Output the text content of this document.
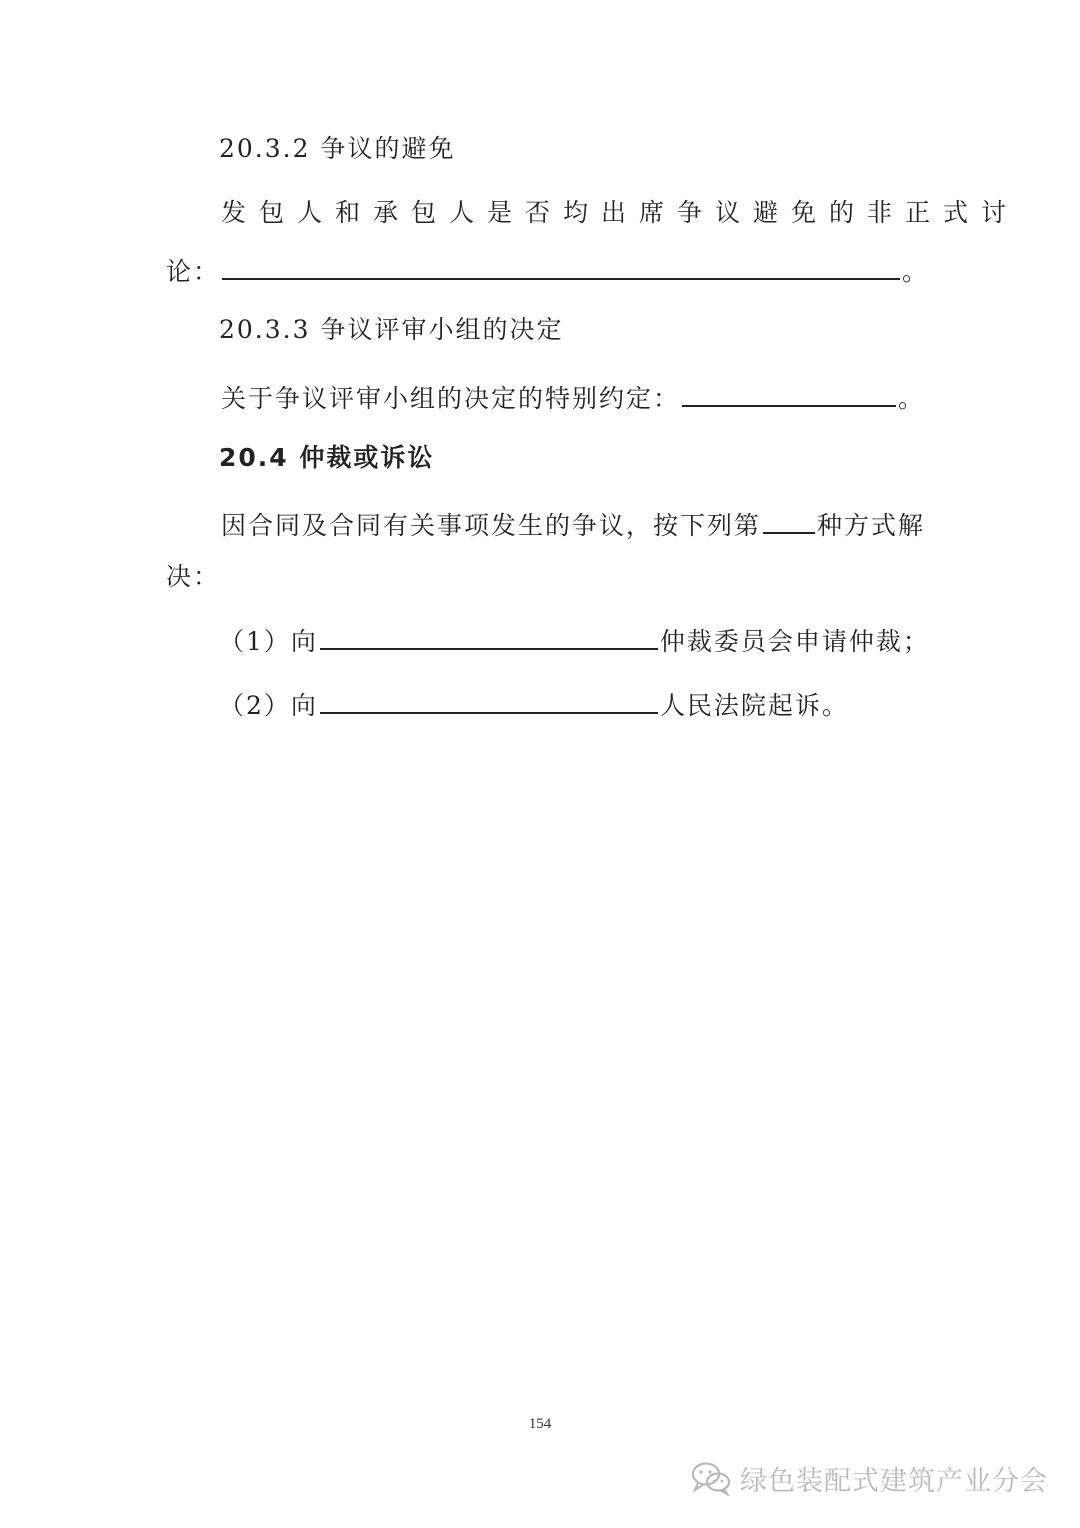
20.3.2 争议的避免
发包人和承包人是否均出席争议避免的非正式讨
论：	。
20.3.3 争议评审小组的决定
关于争议评审小组的决定的特别约定：	。
20.4 仲裁或诉讼
因合同及合同有关事项发生的争议，按下列第 种方式解
决：
（1）向	仲裁委员会申请仲裁；
（2）向	人民法院起诉。
154
绿色装配式建筑产业分会
